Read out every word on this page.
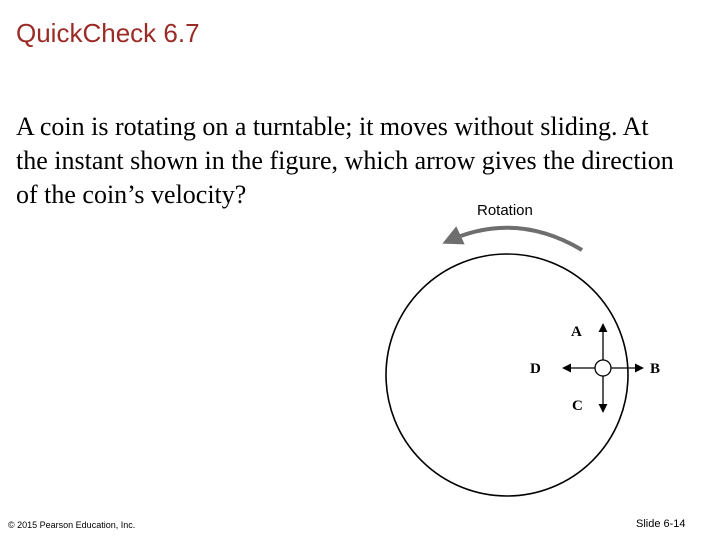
QuickCheck 6.7

A coin is rotating on a turntable; it moves without sliding. At the instant shown in the figure, which arrow gives the direction of the coin’s velocity?

Rotation
A
B
C
D
© 2015 Pearson Education, Inc.	Slide 6-14
